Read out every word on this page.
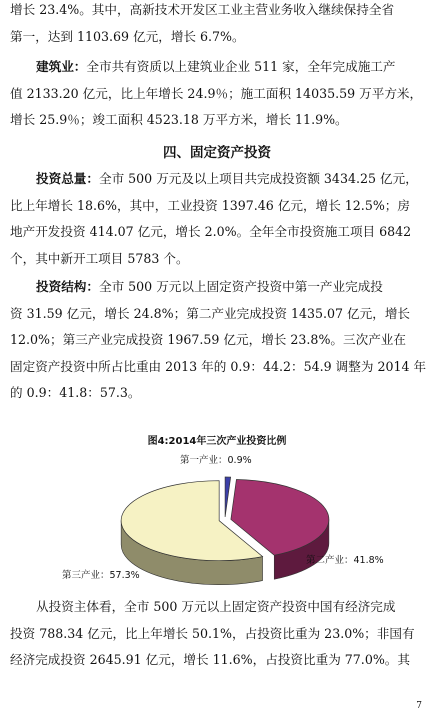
增长 23.4%。其中，高新技术开发区工业主营业务收入继续保持全省
第一，达到 1103.69 亿元，增长 6.7%。
建筑业：全市共有资质以上建筑业企业 511 家，全年完成施工产
值 2133.20 亿元，比上年增长 24.9％；施工面积 14035.59 万平方米，
增长 25.9％；竣工面积 4523.18 万平方米，增长 11.9%。
四、固定资产投资
投资总量：全市 500 万元及以上项目共完成投资额 3434.25 亿元，
比上年增长 18.6%，其中，工业投资 1397.46 亿元，增长 12.5%；房
地产开发投资 414.07 亿元，增长 2.0%。全年全市投资施工项目 6842
个，其中新开工项目 5783 个。
投资结构：全市 500 万元以上固定资产投资中第一产业完成投
资 31.59 亿元，增长 24.8%；第二产业完成投资 1435.07 亿元，增长
12.0%；第三产业完成投资 1967.59 亿元，增长 23.8%。三次产业在
固定资产投资中所占比重由 2013 年的 0.9：44.2：54.9 调整为 2014 年
的 0.9：41.8：57.3。
图4:2014年三次产业投资比例
第一产业：0.9%
第二产业：41.8%
第三产业：57.3%
从投资主体看，全市 500 万元以上固定资产投资中国有经济完成
投资 788.34 亿元，比上年增长 50.1%，占投资比重为 23.0%；非国有
经济完成投资 2645.91 亿元，增长 11.6%，占投资比重为 77.0%。其
7
